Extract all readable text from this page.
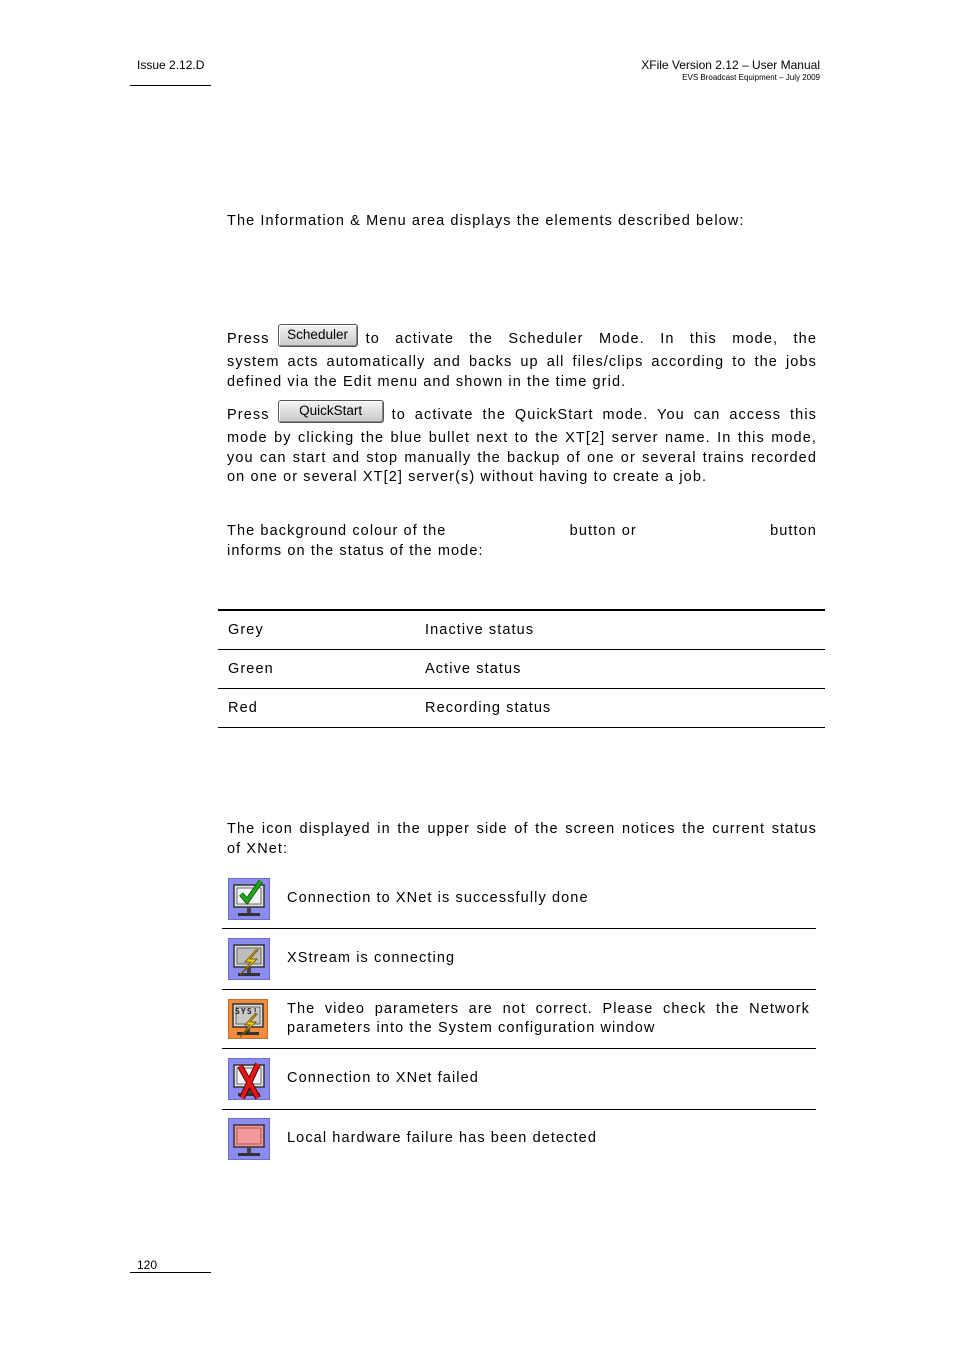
Issue 2.12.D	XFile Version 2.12 – User Manual
EVS Broadcast Equipment – July 2009
The Information & Menu area displays the elements described below:
Press	Scheduler	to activate the Scheduler Mode. In this mode, the
system acts automatically and backs up all files/clips according to the jobs defined via the Edit menu and shown in the time grid.
Press	QuickStart	to activate the QuickStart mode. You can access this
mode by clicking the blue bullet next to the XT[2] server name. In this mode, you can start and stop manually the backup of one or several trains recorded on one or several XT[2] server(s) without having to create a job.
The background colour of the	button or	button
informs on the status of the mode:
Grey	Inactive status
Green	Active status
Red	Recording status
The icon displayed in the upper side of the screen notices the current status of XNet:
Connection to XNet is successfully done
XStream is connecting
SYS! The video parameters are not correct. Please check the Network parameters into the System configuration window
Connection to XNet failed
Local hardware failure has been detected
120
